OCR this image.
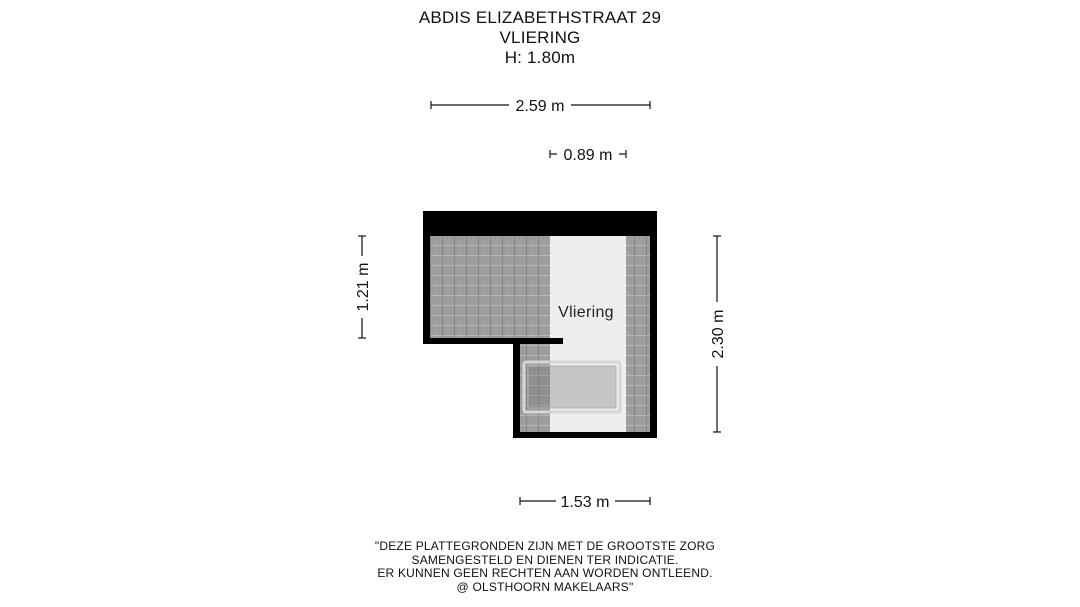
ABDIS ELIZABETHSTRAAT 29
VLIERING
H: 1.80m
Vliering
2.59 m
0.89 m
1.21 m
2.30 m
1.53 m
"DEZE PLATTEGRONDEN ZIJN MET DE GROOTSTE ZORG
SAMENGESTELD EN DIENEN TER INDICATIE.
ER KUNNEN GEEN RECHTEN AAN WORDEN ONTLEEND.
@ OLSTHOORN MAKELAARS"
